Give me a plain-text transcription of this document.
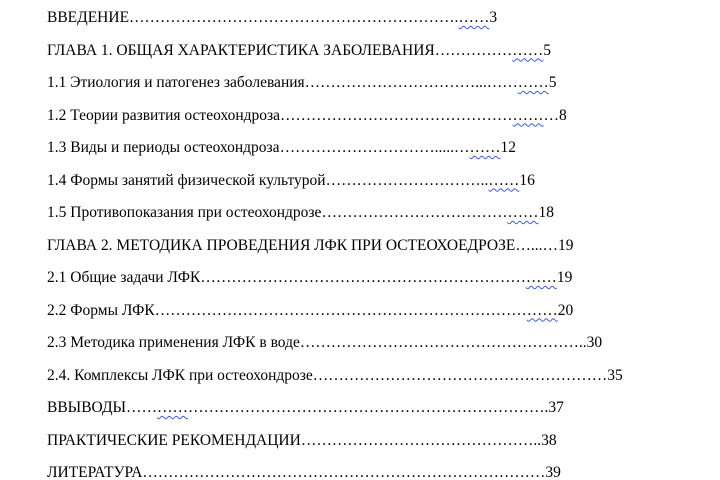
ВВЕДЕНИЕ……………………………………………………….……3
ГЛАВА 1. ОБЩАЯ ХАРАКТЕРИСТИКА ЗАБОЛЕВАНИЯ…………………5
1.1 Этиология и патогенез заболевания……………………………...…………5
1.2 Теории развития остеохондроза………………………………………………8
1.3 Виды и периоды остеохондроза………………………….....………12
1.4 Формы занятий физической культурой…………………………..……16
1.5 Противопоказания при остеохондрозе……………………………………18
ГЛАВА 2. МЕТОДИКА ПРОВЕДЕНИЯ ЛФК ПРИ ОСТЕОХОЕДРОЗЕ…...…19
2.1 Общие задачи ЛФК……………………………………………………………19
2.2 Формы ЛФК……………………………………………………………………20
2.3 Методика применения ЛФК в воде………………………………………………..30
2.4. Комплексы ЛФК при остеохондрозе…………………………………………………35
ВВЫВОДЫ……………………………………………………………………….37
ПРАКТИЧЕСКИЕ РЕКОМЕНДАЦИИ………………………………………..38
ЛИТЕРАТУРА……………………………………………………………………39
